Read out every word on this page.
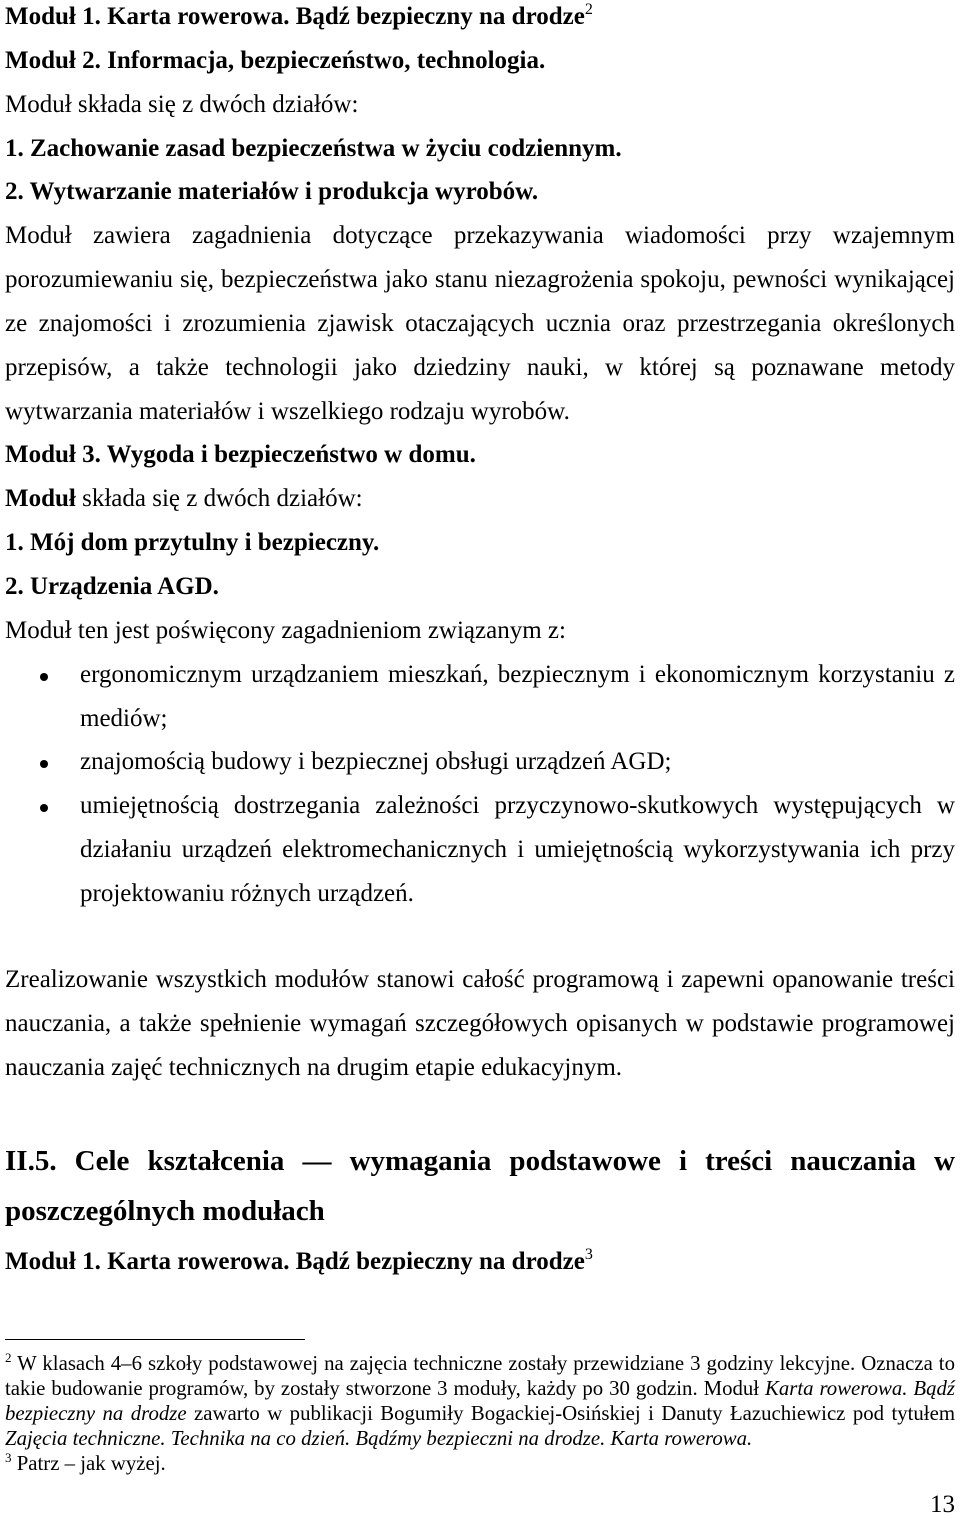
Moduł 1. Karta rowerowa. Bądź bezpieczny na drodze$^2$
Moduł 2. Informacja, bezpieczeństwo, technologia.
Moduł składa się z dwóch działów:
1. Zachowanie zasad bezpieczeństwa w życiu codziennym.
2. Wytwarzanie materiałów i produkcja wyrobów.

Moduł zawiera zagadnienia dotyczące przekazywania wiadomości przy wzajemnym porozumiewaniu się, bezpieczeństwa jako stanu niezagrożenia spokoju, pewności wynikającej ze znajomości i zrozumienia zjawisk otaczających ucznia oraz przestrzegania określonych przepisów, a także technologii jako dziedziny nauki, w której są poznawane metody wytwarzania materiałów i wszelkiego rodzaju wyrobów.

Moduł 3. Wygoda i bezpieczeństwo w domu.
Moduł składa się z dwóch działów:
1. Mój dom przytulny i bezpieczny.
2. Urządzenia AGD.
Moduł ten jest poświęcony zagadnieniom związanym z:
ergonomicznym urządzaniem mieszkań, bezpiecznym i ekonomicznym korzystaniu z mediów;
znajomością budowy i bezpiecznej obsługi urządzeń AGD;
umiejętnością dostrzegania zależności przyczynowo-skutkowych występujących w działaniu urządzeń elektromechanicznych i umiejętnością wykorzystywania ich przy projektowaniu różnych urządzeń.

Zrealizowanie wszystkich modułów stanowi całość programową i zapewni opanowanie treści nauczania, a także spełnienie wymagań szczegółowych opisanych w podstawie programowej nauczania zajęć technicznych na drugim etapie edukacyjnym.

II.5. Cele kształcenia — wymagania podstawowe i treści nauczania w poszczególnych modułach
Moduł 1. Karta rowerowa. Bądź bezpieczny na drodze$^3$

$^2$ W klasach 4–6 szkoły podstawowej na zajęcia techniczne zostały przewidziane 3 godziny lekcyjne. Oznacza to takie budowanie programów, by zostały stworzone 3 moduły, każdy po 30 godzin. Moduł Karta rowerowa. Bądź bezpieczny na drodze zawarto w publikacji Bogumiły Bogackiej-Osińskiej i Danuty Łazuchiewicz pod tytułem Zajęcia techniczne. Technika na co dzień. Bądźmy bezpieczni na drodze. Karta rowerowa.

$^3$ Patrz – jak wyżej.

13
